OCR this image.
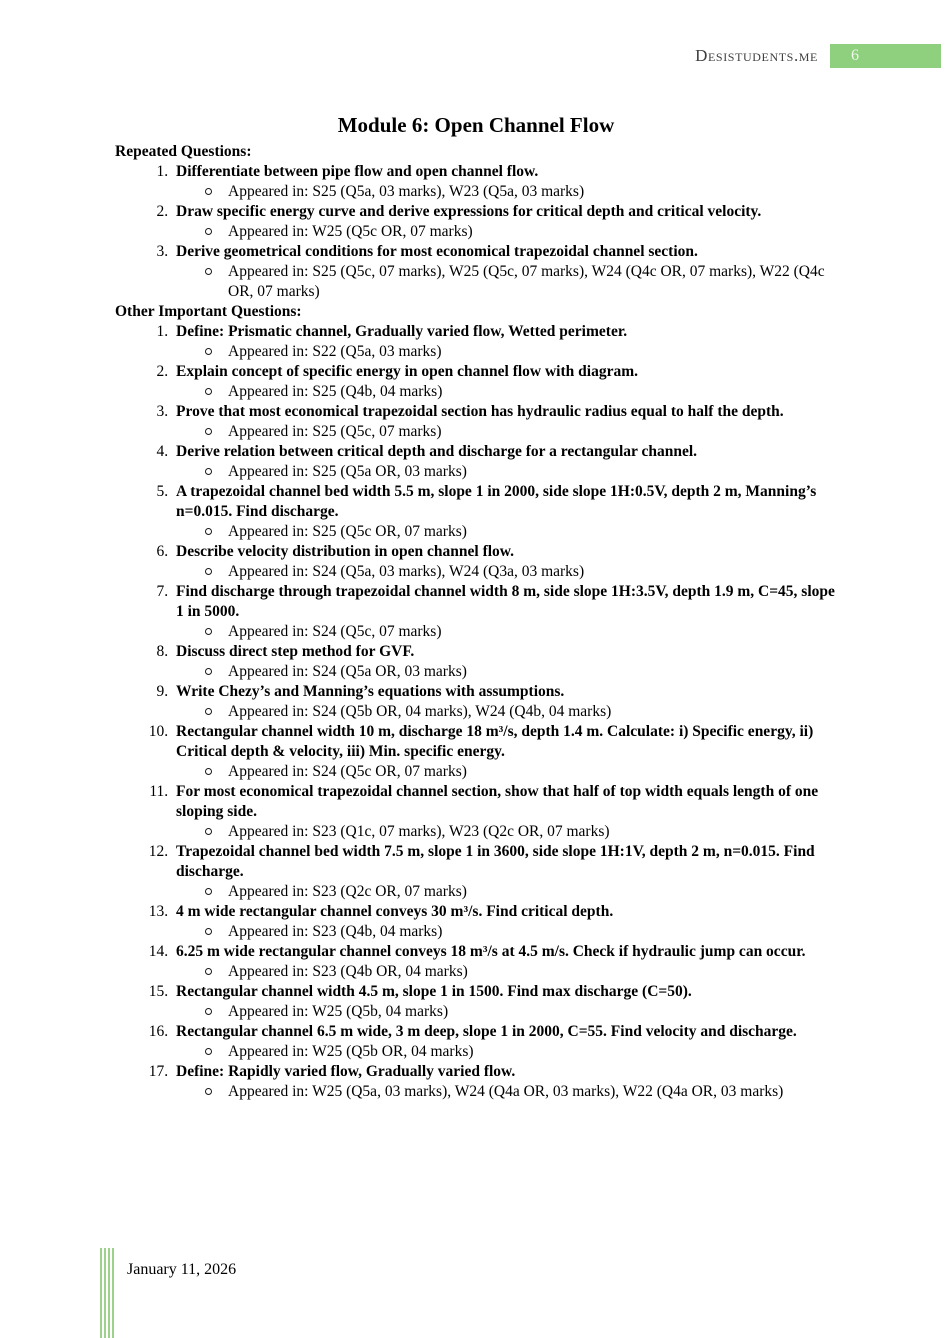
Desistudents.me	6
Module 6: Open Channel Flow
Repeated Questions:
1. Differentiate between pipe flow and open channel flow.
Appeared in: S25 (Q5a, 03 marks), W23 (Q5a, 03 marks)
2. Draw specific energy curve and derive expressions for critical depth and critical velocity.
Appeared in: W25 (Q5c OR, 07 marks)
3. Derive geometrical conditions for most economical trapezoidal channel section.
Appeared in: S25 (Q5c, 07 marks), W25 (Q5c, 07 marks), W24 (Q4c OR, 07 marks), W22 (Q4c OR, 07 marks)
Other Important Questions:
1. Define: Prismatic channel, Gradually varied flow, Wetted perimeter.
Appeared in: S22 (Q5a, 03 marks)
2. Explain concept of specific energy in open channel flow with diagram.
Appeared in: S25 (Q4b, 04 marks)
3. Prove that most economical trapezoidal section has hydraulic radius equal to half the depth.
Appeared in: S25 (Q5c, 07 marks)
4. Derive relation between critical depth and discharge for a rectangular channel.
Appeared in: S25 (Q5a OR, 03 marks)
5. A trapezoidal channel bed width 5.5 m, slope 1 in 2000, side slope 1H:0.5V, depth 2 m, Manning’s n=0.015. Find discharge.
Appeared in: S25 (Q5c OR, 07 marks)
6. Describe velocity distribution in open channel flow.
Appeared in: S24 (Q5a, 03 marks), W24 (Q3a, 03 marks)
7. Find discharge through trapezoidal channel width 8 m, side slope 1H:3.5V, depth 1.9 m, C=45, slope 1 in 5000.
Appeared in: S24 (Q5c, 07 marks)
8. Discuss direct step method for GVF.
Appeared in: S24 (Q5a OR, 03 marks)
9. Write Chezy’s and Manning’s equations with assumptions.
Appeared in: S24 (Q5b OR, 04 marks), W24 (Q4b, 04 marks)
10. Rectangular channel width 10 m, discharge 18 m³/s, depth 1.4 m. Calculate: i) Specific energy, ii) Critical depth & velocity, iii) Min. specific energy.
Appeared in: S24 (Q5c OR, 07 marks)
11. For most economical trapezoidal channel section, show that half of top width equals length of one sloping side.
Appeared in: S23 (Q1c, 07 marks), W23 (Q2c OR, 07 marks)
12. Trapezoidal channel bed width 7.5 m, slope 1 in 3600, side slope 1H:1V, depth 2 m, n=0.015. Find discharge.
Appeared in: S23 (Q2c OR, 07 marks)
13. 4 m wide rectangular channel conveys 30 m³/s. Find critical depth.
Appeared in: S23 (Q4b, 04 marks)
14. 6.25 m wide rectangular channel conveys 18 m³/s at 4.5 m/s. Check if hydraulic jump can occur.
Appeared in: S23 (Q4b OR, 04 marks)
15. Rectangular channel width 4.5 m, slope 1 in 1500. Find max discharge (C=50).
Appeared in: W25 (Q5b, 04 marks)
16. Rectangular channel 6.5 m wide, 3 m deep, slope 1 in 2000, C=55. Find velocity and discharge.
Appeared in: W25 (Q5b OR, 04 marks)
17. Define: Rapidly varied flow, Gradually varied flow.
Appeared in: W25 (Q5a, 03 marks), W24 (Q4a OR, 03 marks), W22 (Q4a OR, 03 marks)
January 11, 2026
